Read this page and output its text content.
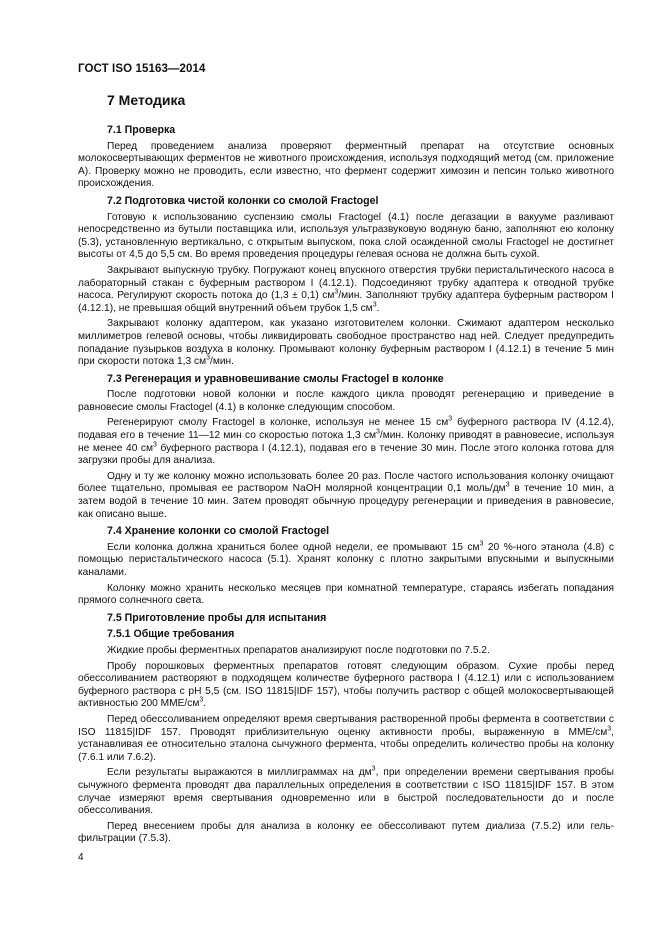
ГОСТ ISO 15163—2014
7 Методика
7.1 Проверка

Перед проведением анализа проверяют ферментный препарат на отсутствие основных молокосвертывающих ферментов не животного происхождения, используя подходящий метод (см. приложение А). Проверку можно не проводить, если известно, что фермент содержит химозин и пепсин только животного происхождения.

7.2 Подготовка чистой колонки со смолой Fractogel

Готовую к использованию суспензию смолы Fractogel (4.1) после дегазации в вакууме разливают непосредственно из бутыли поставщика или, используя ультразвуковую водяную баню, заполняют ею колонку (5.3), установленную вертикально, с открытым выпуском, пока слой осажденной смолы Fractogel не достигнет высоты от 4,5 до 5,5 см. Во время проведения процедуры гелевая основа не должна быть сухой.

Закрывают выпускную трубку. Погружают конец впускного отверстия трубки перистальтического насоса в лабораторный стакан с буферным раствором I (4.12.1). Подсоединяют трубку адаптера к отводной трубке насоса. Регулируют скорость потока до (1,3 ± 0,1) $см^3$/мин. Заполняют трубку адаптера буферным раствором I (4.12.1), не превышая общий внутренний объем трубок 1,5 $см^3$.

Закрывают колонку адаптером, как указано изготовителем колонки. Сжимают адаптером несколько миллиметров гелевой основы, чтобы ликвидировать свободное пространство над ней. Следует предупредить попадание пузырьков воздуха в колонку. Промывают колонку буферным раствором I (4.12.1) в течение 5 мин при скорости потока 1,3 $см^3$/мин.

7.3 Регенерация и уравновешивание смолы Fractogel в колонке

После подготовки новой колонки и после каждого цикла проводят регенерацию и приведение в равновесие смолы Fractogel (4.1) в колонке следующим способом.

Регенерируют смолу Fractogel в колонке, используя не менее 15 $см^3$ буферного раствора IV (4.12.4), подавая его в течение 11—12 мин со скоростью потока 1,3 $см^3$/мин. Колонку приводят в равновесие, используя не менее 40 $см^3$ буферного раствора I (4.12.1), подавая его в течение 30 мин. После этого колонка готова для загрузки пробы для анализа.

Одну и ту же колонку можно использовать более 20 раз. После частого использования колонку очищают более тщательно, промывая ее раствором NaOH молярной концентрации 0,1 моль/$дм^3$ в течение 10 мин, а затем водой в течение 10 мин. Затем проводят обычную процедуру регенерации и приведения в равновесие, как описано выше.

7.4 Хранение колонки со смолой Fractogel

Если колонка должна храниться более одной недели, ее промывают 15 $см^3$ 20 %-ного этанола (4.8) с помощью перистальтического насоса (5.1). Хранят колонку с плотно закрытыми впускными и выпускными каналами.

Колонку можно хранить несколько месяцев при комнатной температуре, стараясь избегать попадания прямого солнечного света.

7.5 Приготовление пробы для испытания
7.5.1 Общие требования

Жидкие пробы ферментных препаратов анализируют после подготовки по 7.5.2.

Пробу порошковых ферментных препаратов готовят следующим образом. Сухие пробы перед обессоливанием растворяют в подходящем количестве буферного раствора I (4.12.1) или с использованием буферного раствора с pH 5,5 (см. ISO 11815|IDF 157), чтобы получить раствор с общей молокосвертывающей активностью 200 ММЕ/$см^3$.

Перед обессоливанием определяют время свертывания растворенной пробы фермента в соответствии с ISO 11815|IDF 157. Проводят приблизительную оценку активности пробы, выраженную в ММЕ/$см^3$, устанавливая ее относительно эталона сычужного фермента, чтобы определить количество пробы на колонку (7.6.1 или 7.6.2).

Если результаты выражаются в миллиграммах на $дм^3$, при определении времени свертывания пробы сычужного фермента проводят два параллельных определения в соответствии с ISO 11815|IDF 157. В этом случае измеряют время свертывания одновременно или в быстрой последовательности до и после обессоливания.

Перед внесением пробы для анализа в колонку ее обессоливают путем диализа (7.5.2) или гель-фильтрации (7.5.3).

4
